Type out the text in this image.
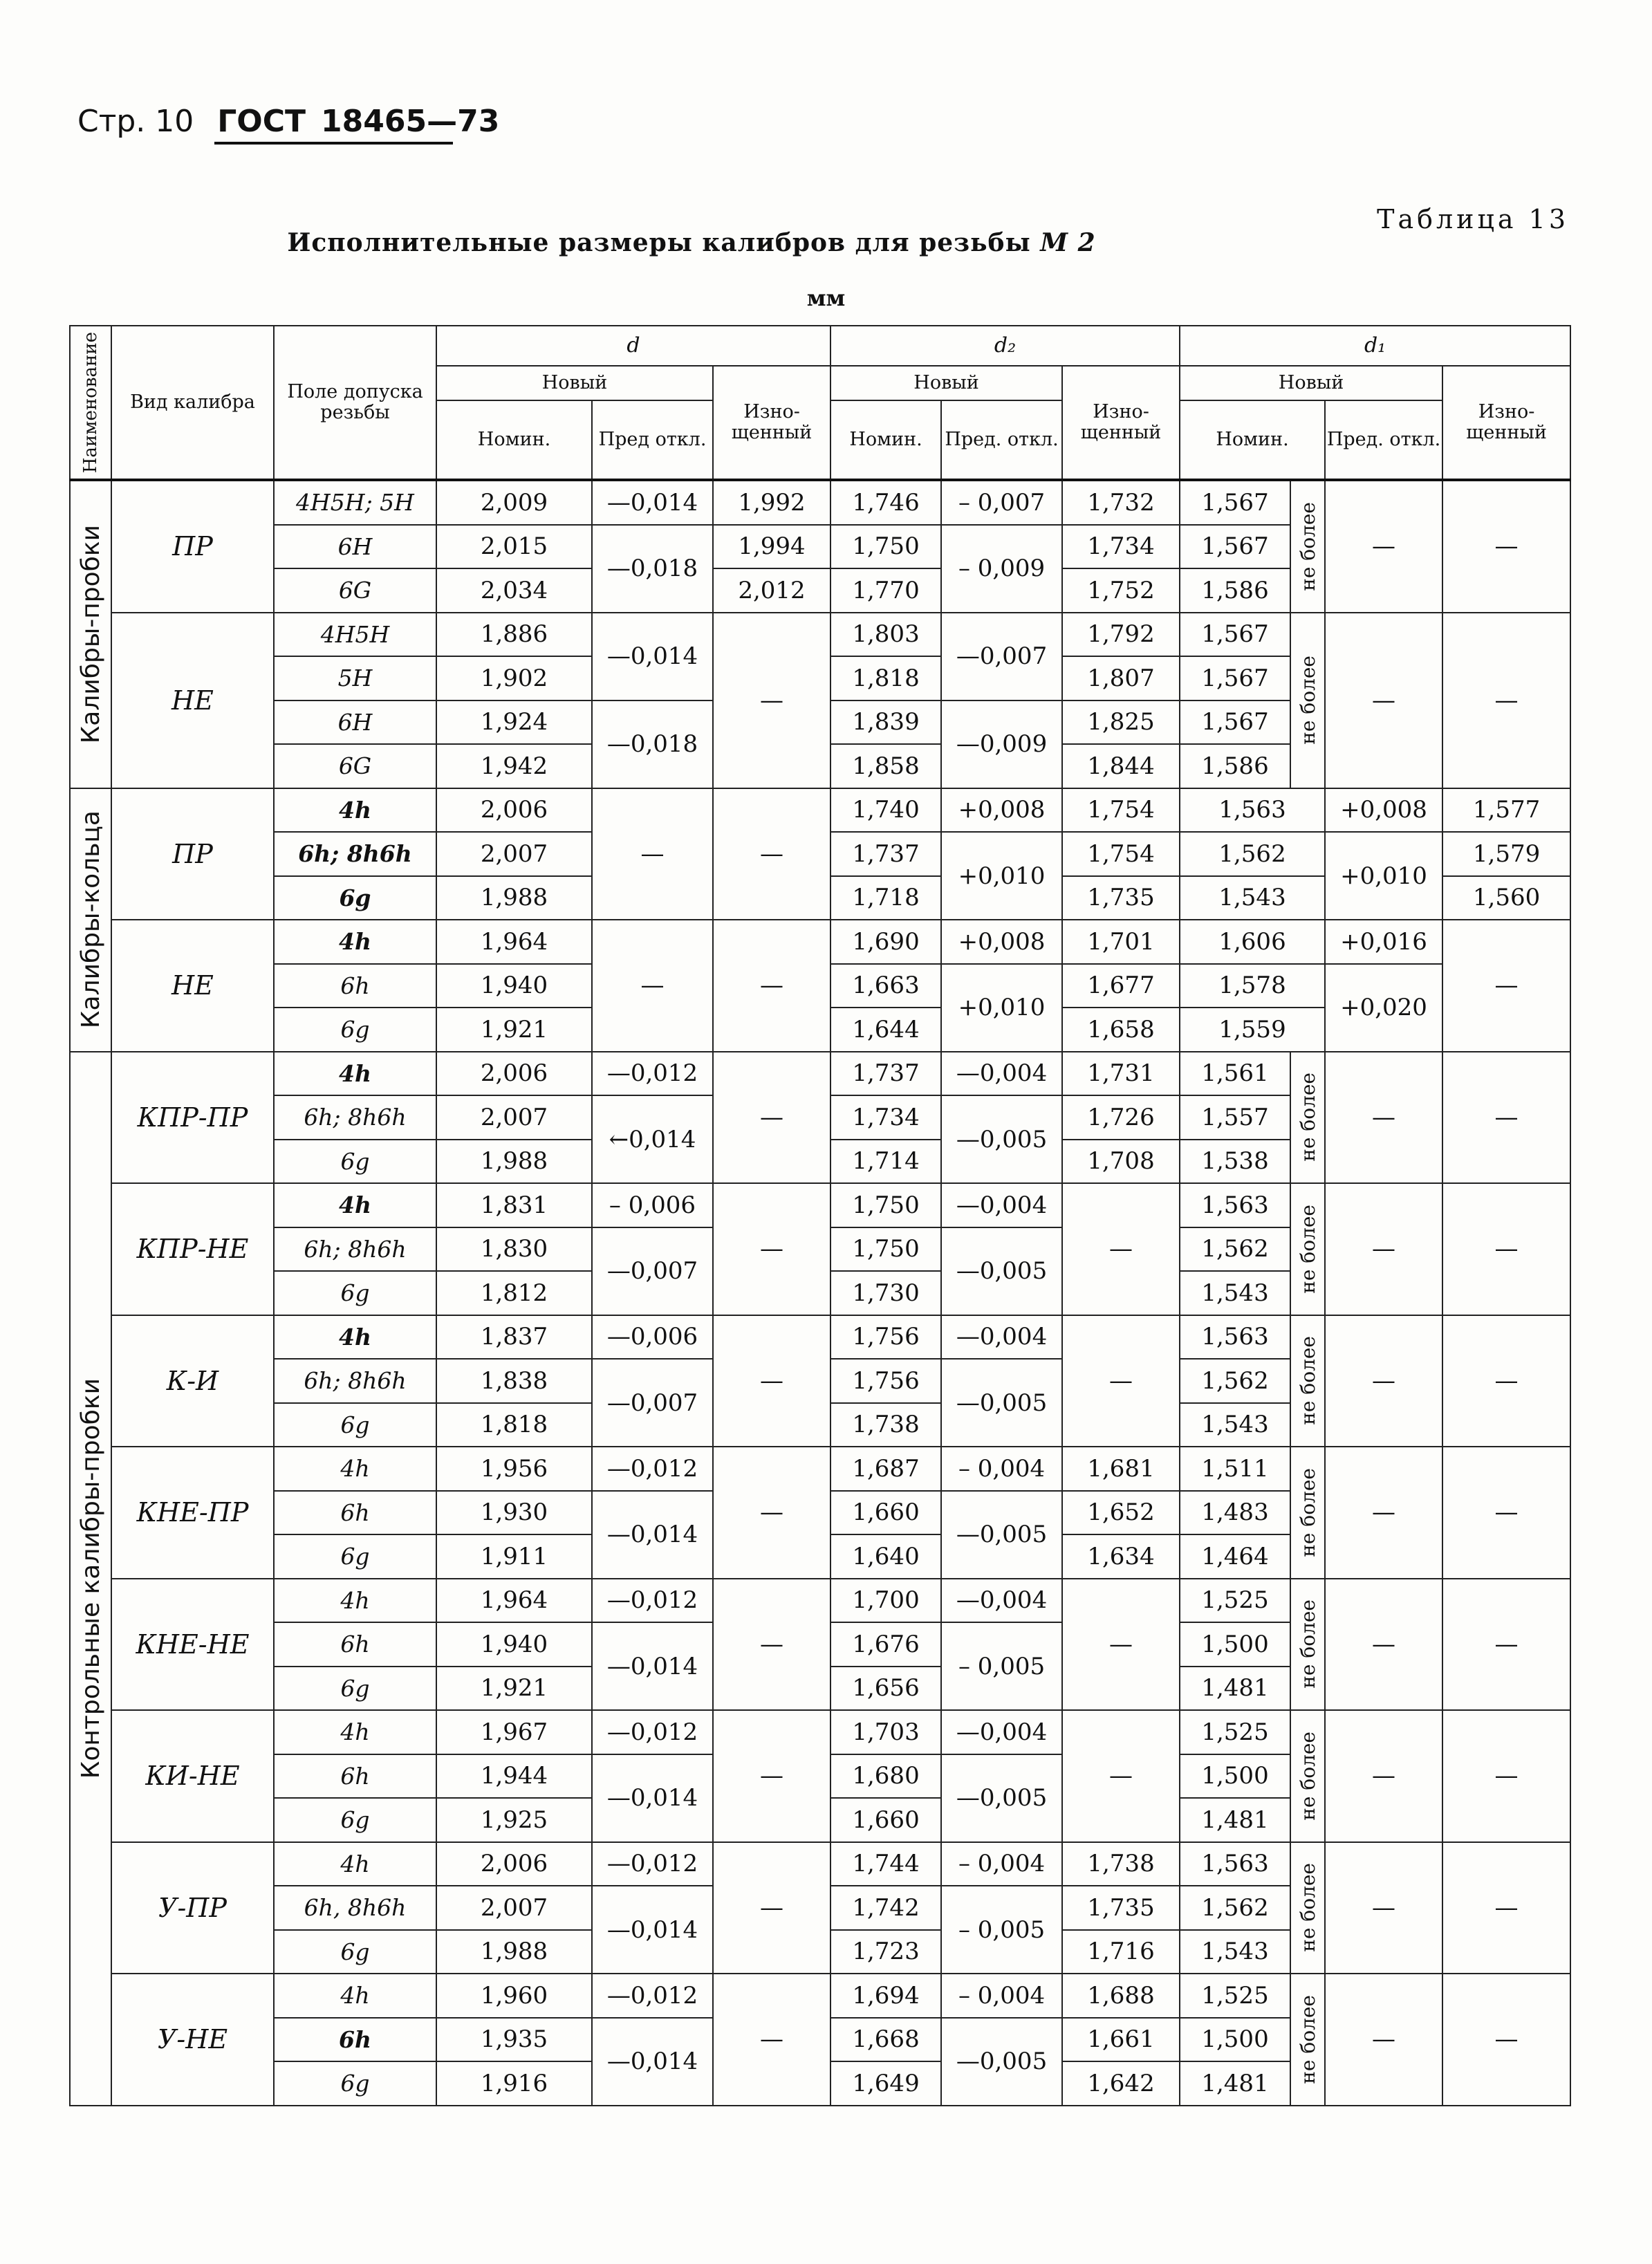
Стр. 10 ГОСТ 18465—73
Таблица 13
Исполнительные размеры калибров для резьбы М 2
мм
Наименование	Вид калибра	Поле допуска резьбы	d			d₂			d₁			
			Новый		Изно-щенный	Новый		Изно-щенный	Новый			Изно-щенный
			Номин.	Пред откл.		Номин.	Пред. откл.		Номин.		Пред. откл.	

Калибры-пробки	ПР	4H5H; 5H	2,009	—0,014	1,992	1,746	– 0,007	1,732	1,567	не более	—	—
		6H	2,015	—0,018	1,994	1,750	– 0,009	1,734	1,567			
		6G	2,034		2,012	1,770		1,752	1,586			
	НЕ	4H5H	1,886	—0,014	—	1,803	—0,007	1,792	1,567	не более	—	—
		5H	1,902			1,818		1,807	1,567			
		6H	1,924	—0,018		1,839	—0,009	1,825	1,567			
		6G	1,942			1,858		1,844	1,586			

Калибры-кольца	ПР	4h	2,006	—	—	1,740	+0,008	1,754	1,563		+0,008	1,577
		6h; 8h6h	2,007			1,737	+0,010	1,754	1,562		+0,010	1,579
		6g	1,988			1,718		1,735	1,543			1,560
	НЕ	4h	1,964	—	—	1,690	+0,008	1,701	1,606		+0,016	—
		6h	1,940			1,663	+0,010	1,677	1,578		+0,020	
		6g	1,921			1,644		1,658	1,559			

Контрольные калибры-пробки	КПР-ПР	4h	2,006	—0,012	—	1,737	—0,004	1,731	1,561	не более	—	—
		6h; 8h6h	2,007	←0,014		1,734	—0,005	1,726	1,557			
		6g	1,988			1,714		1,708	1,538			
	КПР-НЕ	4h	1,831	– 0,006	—	1,750	—0,004	—	1,563	не более	—	—
		6h; 8h6h	1,830	—0,007		1,750	—0,005		1,562			
		6g	1,812			1,730			1,543			
	К-И	4h	1,837	—0,006	—	1,756	—0,004	—	1,563	не более	—	—
		6h; 8h6h	1,838	—0,007		1,756	—0,005		1,562			
		6g	1,818			1,738			1,543			
	КНЕ-ПР	4h	1,956	—0,012	—	1,687	– 0,004	1,681	1,511	не более	—	—
		6h	1,930	—0,014		1,660	—0,005	1,652	1,483			
		6g	1,911			1,640		1,634	1,464			
	КНЕ-НЕ	4h	1,964	—0,012	—	1,700	—0,004	—	1,525	не более	—	—
		6h	1,940	—0,014		1,676	– 0,005		1,500			
		6g	1,921			1,656			1,481			
	КИ-НЕ	4h	1,967	—0,012	—	1,703	—0,004	—	1,525	не более	—	—
		6h	1,944	—0,014		1,680	—0,005		1,500			
		6g	1,925			1,660			1,481			
	У-ПР	4h	2,006	—0,012	—	1,744	– 0,004	1,738	1,563	не более	—	—
		6h, 8h6h	2,007	—0,014		1,742	– 0,005	1,735	1,562			
		6g	1,988			1,723		1,716	1,543			
	У-НЕ	4h	1,960	—0,012	—	1,694	– 0,004	1,688	1,525	не более	—	—
		6h	1,935	—0,014		1,668	—0,005	1,661	1,500			
		6g	1,916			1,649		1,642	1,481			
